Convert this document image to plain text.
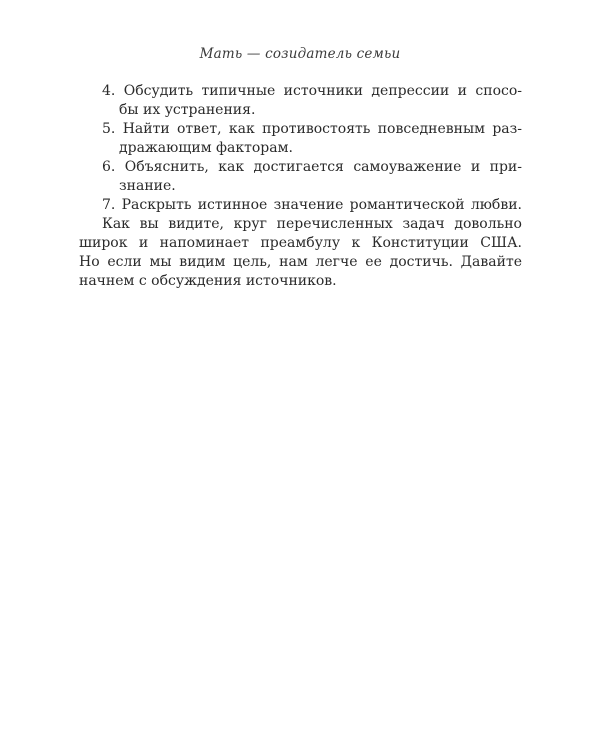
Мать — созидатель семьи
4. Обсудить типичные источники депрессии и спосо-
бы их устранения.
5. Найти ответ, как противостоять повседневным раз-
дражающим факторам.
6. Объяснить, как достигается самоуважение и при-
знание.
7. Раскрыть истинное значение романтической любви.
Как вы видите, круг перечисленных задач довольно
широк и напоминает преамбулу к Конституции США.
Но если мы видим цель, нам легче ее достичь. Давайте
начнем с обсуждения источников.
